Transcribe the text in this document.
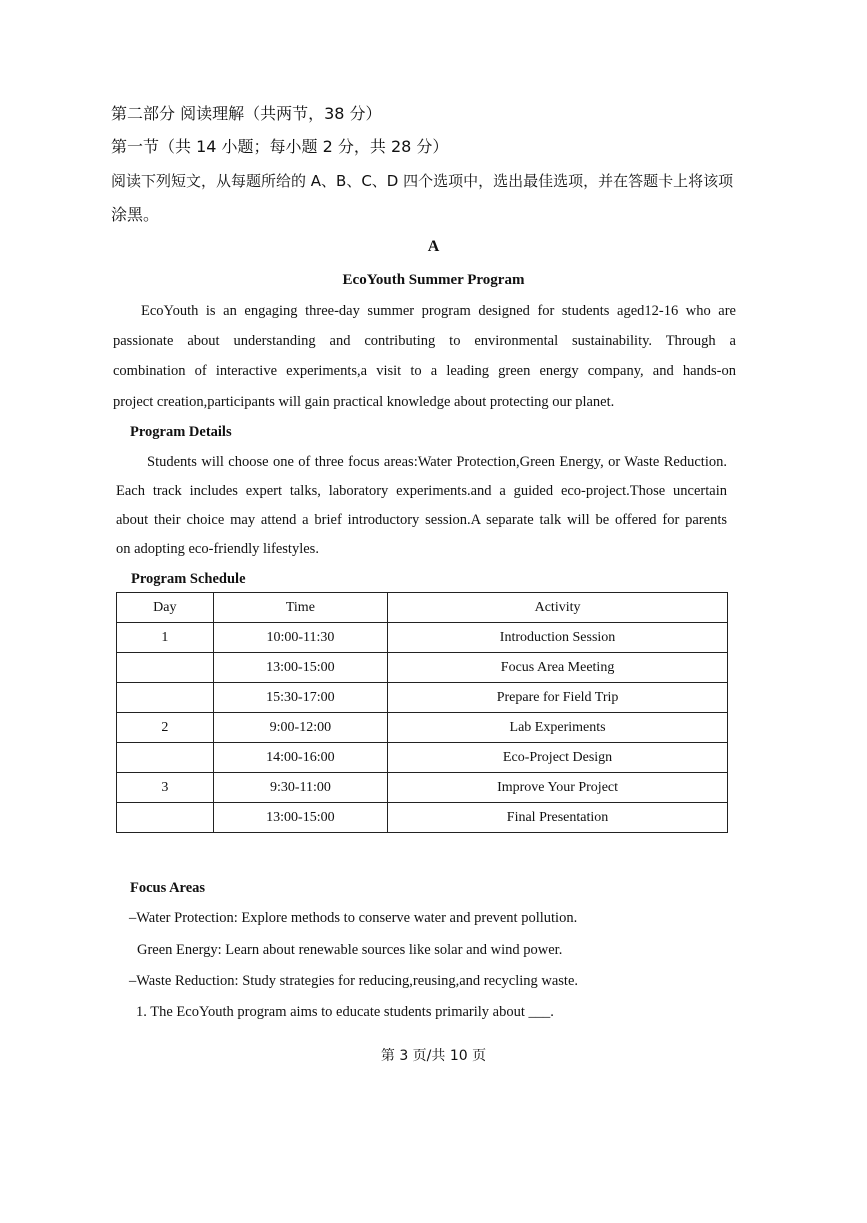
第二部分 阅读理解（共两节，38 分）
第一节（共 14 小题；每小题 2 分，共 28 分）
阅读下列短文，从每题所给的 A、B、C、D 四个选项中，选出最佳选项，并在答题卡上将该项
涂黑。
A
EcoYouth Summer Program
EcoYouth is an engaging three-day summer program designed for students aged12-16 who are
passionate about understanding and contributing to environmental sustainability. Through a
combination of interactive experiments,a visit to a leading green energy company, and hands-on
project creation,participants will gain practical knowledge about protecting our planet.
Program Details
Students will choose one of three focus areas:Water Protection,Green Energy, or Waste Reduction.
Each track includes expert talks, laboratory experiments.and a guided eco-project.Those uncertain
about their choice may attend a brief introductory session.A separate talk will be offered for parents
on adopting eco-friendly lifestyles.
Program Schedule
Day	Time	Activity
1	10:00-11:30	Introduction Session
	13:00-15:00	Focus Area Meeting
	15:30-17:00	Prepare for Field Trip
2	9:00-12:00	Lab Experiments
	14:00-16:00	Eco-Project Design
3	9:30-11:00	Improve Your Project
	13:00-15:00	Final Presentation
Focus Areas
–Water Protection: Explore methods to conserve water and prevent pollution.
Green Energy: Learn about renewable sources like solar and wind power.
–Waste Reduction: Study strategies for reducing,reusing,and recycling waste.
1. The EcoYouth program aims to educate students primarily about ___.
第 3 页/共 10 页
